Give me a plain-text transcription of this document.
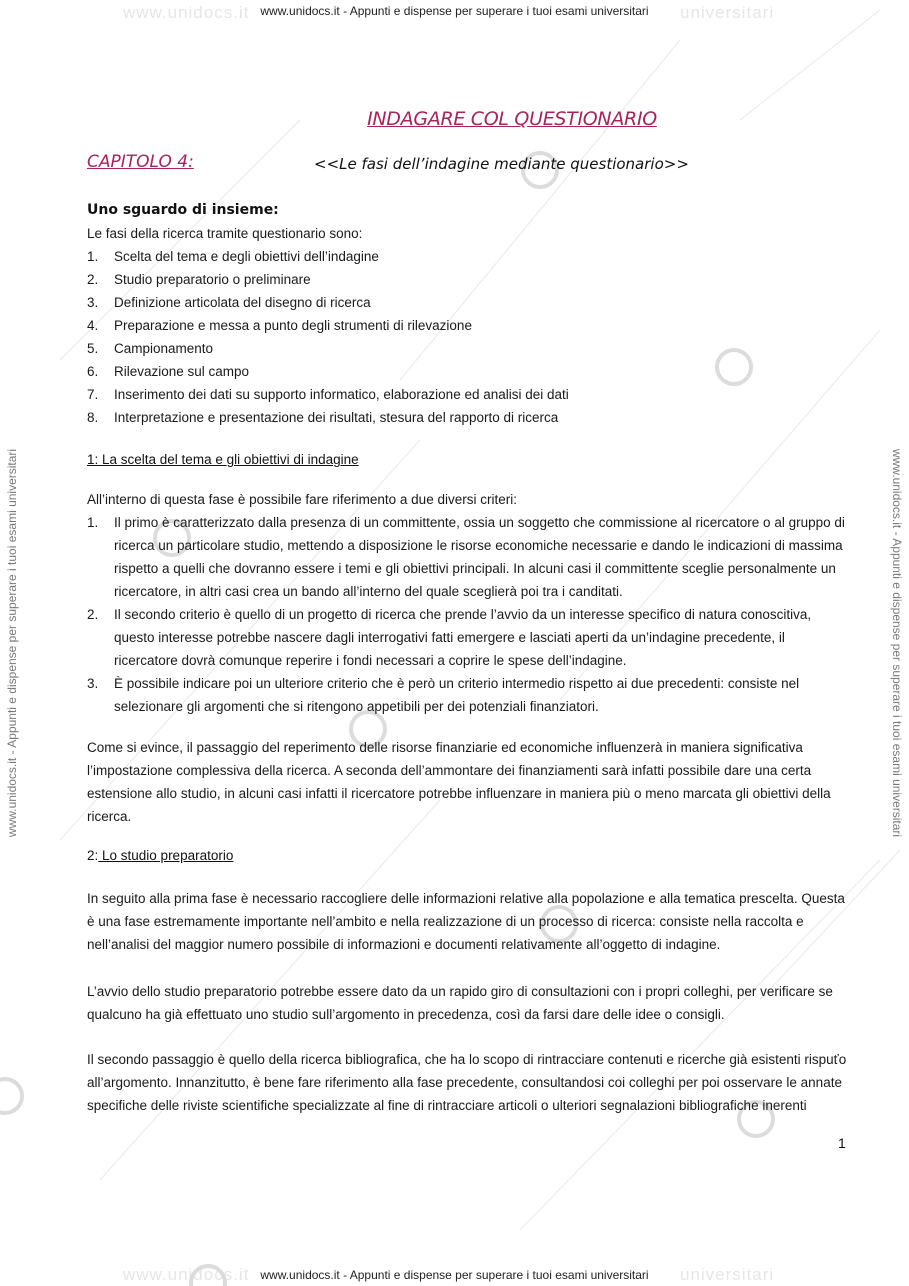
www.unidocs.it	universitari
www.unidocs.it	universitari
www.unidocs.it - Appunti e dispense per superare i tuoi esami universitari
www.unidocs.it - Appunti e dispense per superare i tuoi esami universitari
www.unidocs.it - Appunti e dispense per superare i tuoi esami universitari	www.unidocs.it - Appunti e dispense per superare i tuoi esami universitari
INDAGARE COL QUESTIONARIO
CAPITOLO 4:	<<Le fasi dell’indagine mediante questionario>>
Uno sguardo di insieme:

Le fasi della ricerca tramite questionario sono:

1. Scelta del tema e degli obiettivi dell’indagine
2. Studio preparatorio o preliminare
3. Definizione articolata del disegno di ricerca
4. Preparazione e messa a punto degli strumenti di rilevazione
5. Campionamento
6. Rilevazione sul campo
7. Inserimento dei dati su supporto informatico, elaborazione ed analisi dei dati
8. Interpretazione e presentazione dei risultati, stesura del rapporto di ricerca
1: La scelta del tema e gli obiettivi di indagine

All’interno di questa fase è possibile fare riferimento a due diversi criteri:

1. Il primo è caratterizzato dalla presenza di un committente, ossia un soggetto che commissione al ricercatore o al gruppo di ricerca un particolare studio, mettendo a disposizione le risorse economiche necessarie e dando le indicazioni di massima rispetto a quelli che dovranno essere i temi e gli obiettivi principali. In alcuni casi il committente sceglie personalmente un ricercatore, in altri casi crea un bando all’interno del quale sceglierà poi tra i canditati.
2. Il secondo criterio è quello di un progetto di ricerca che prende l’avvio da un interesse specifico di natura conoscitiva, questo interesse potrebbe nascere dagli interrogativi fatti emergere e lasciati aperti da un’indagine precedente, il ricercatore dovrà comunque reperire i fondi necessari a coprire le spese dell’indagine.
3. È possibile indicare poi un ulteriore criterio che è però un criterio intermedio rispetto ai due precedenti: consiste nel selezionare gli argomenti che si ritengono appetibili per dei potenziali finanziatori.

Come si evince, il passaggio del reperimento delle risorse finanziarie ed economiche influenzerà in maniera significativa l’impostazione complessiva della ricerca. A seconda dell’ammontare dei finanziamenti sarà infatti possibile dare una certa estensione allo studio, in alcuni casi infatti il ricercatore potrebbe influenzare in maniera più o meno marcata gli obiettivi della ricerca.

2: Lo studio preparatorio

In seguito alla prima fase è necessario raccogliere delle informazioni relative alla popolazione e alla tematica prescelta. Questa è una fase estremamente importante nell’ambito e nella realizzazione di un processo di ricerca: consiste nella raccolta e nell’analisi del maggior numero possibile di informazioni e documenti relativamente all’oggetto di indagine.

L’avvio dello studio preparatorio potrebbe essere dato da un rapido giro di consultazioni con i propri colleghi, per verificare se qualcuno ha già effettuato uno studio sull’argomento in precedenza, così da farsi dare delle idee o consigli.

Il secondo passaggio è quello della ricerca bibliografica, che ha lo scopo di rintracciare contenuti e ricerche già esistenti rispuťo all’argomento. Innanzitutto, è bene fare riferimento alla fase precedente, consultandosi coi colleghi per poi osservare le annate specifiche delle riviste scientifiche specializzate al fine di rintracciare articoli o ulteriori segnalazioni bibliografiche inerenti

1
